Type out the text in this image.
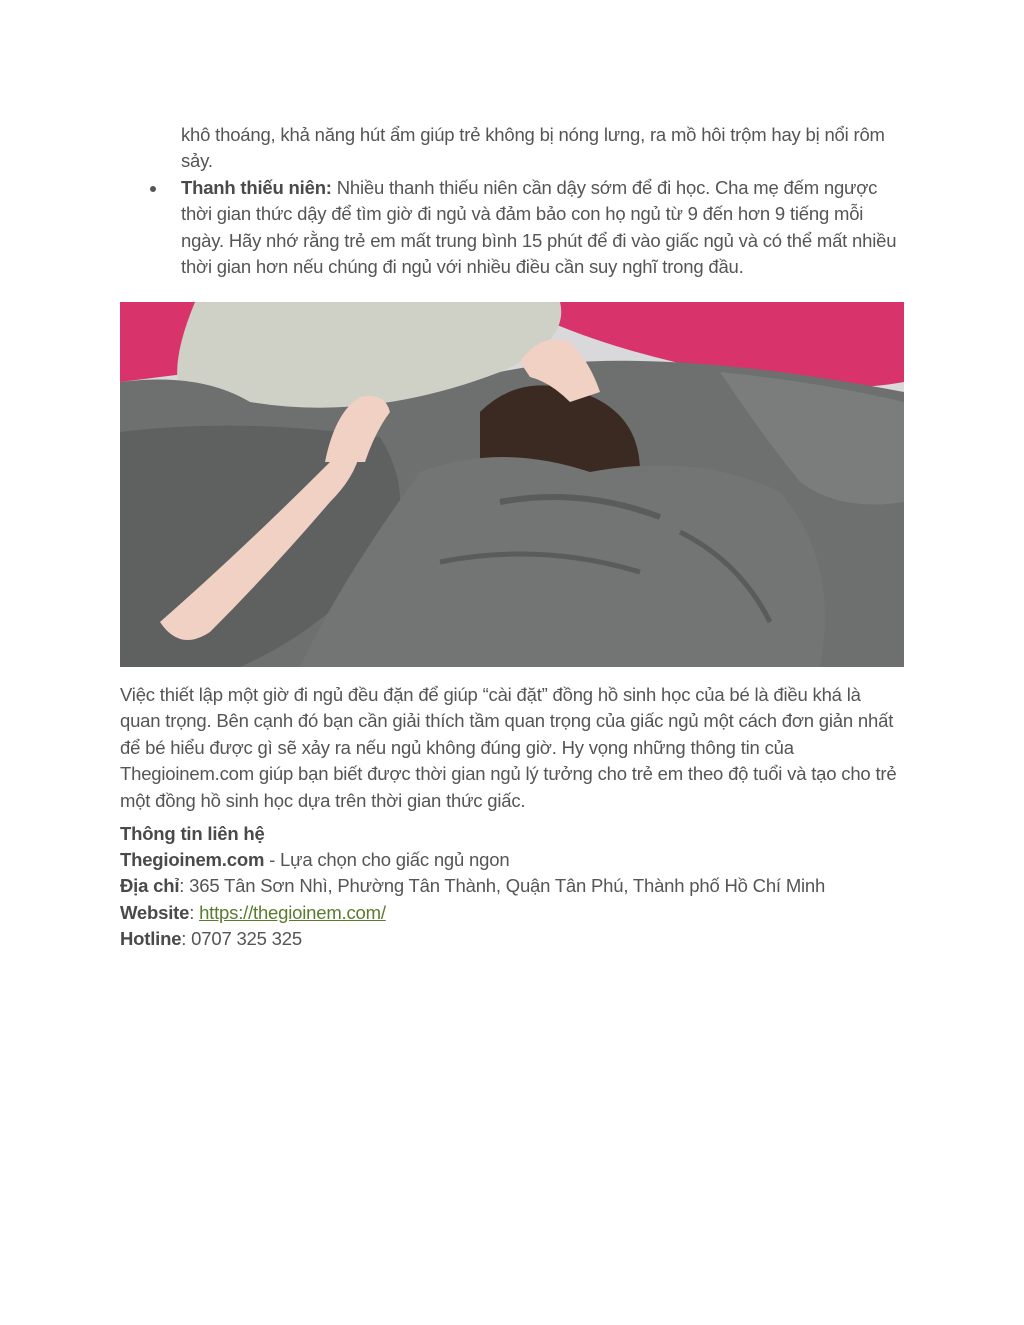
khô thoáng, khả năng hút ẩm giúp trẻ không bị nóng lưng, ra mồ hôi trộm hay bị nổi rôm sảy.
Thanh thiếu niên: Nhiều thanh thiếu niên cần dậy sớm để đi học. Cha mẹ đếm ngược thời gian thức dậy để tìm giờ đi ngủ và đảm bảo con họ ngủ từ 9 đến hơn 9 tiếng mỗi ngày. Hãy nhớ rằng trẻ em mất trung bình 15 phút để đi vào giấc ngủ và có thể mất nhiều thời gian hơn nếu chúng đi ngủ với nhiều điều cần suy nghĩ trong đầu.
Việc thiết lập một giờ đi ngủ đều đặn để giúp “cài đặt” đồng hồ sinh học của bé là điều khá là quan trọng. Bên cạnh đó bạn cần giải thích tầm quan trọng của giấc ngủ một cách đơn giản nhất để bé hiểu được gì sẽ xảy ra nếu ngủ không đúng giờ. Hy vọng những thông tin của Thegioinem.com giúp bạn biết được thời gian ngủ lý tưởng cho trẻ em theo độ tuổi và tạo cho trẻ một đồng hồ sinh học dựa trên thời gian thức giấc.
Thông tin liên hệ
Thegioinem.com - Lựa chọn cho giấc ngủ ngon
Địa chỉ: 365 Tân Sơn Nhì, Phường Tân Thành, Quận Tân Phú, Thành phố Hồ Chí Minh
Website: https://thegioinem.com/
Hotline: 0707 325 325
